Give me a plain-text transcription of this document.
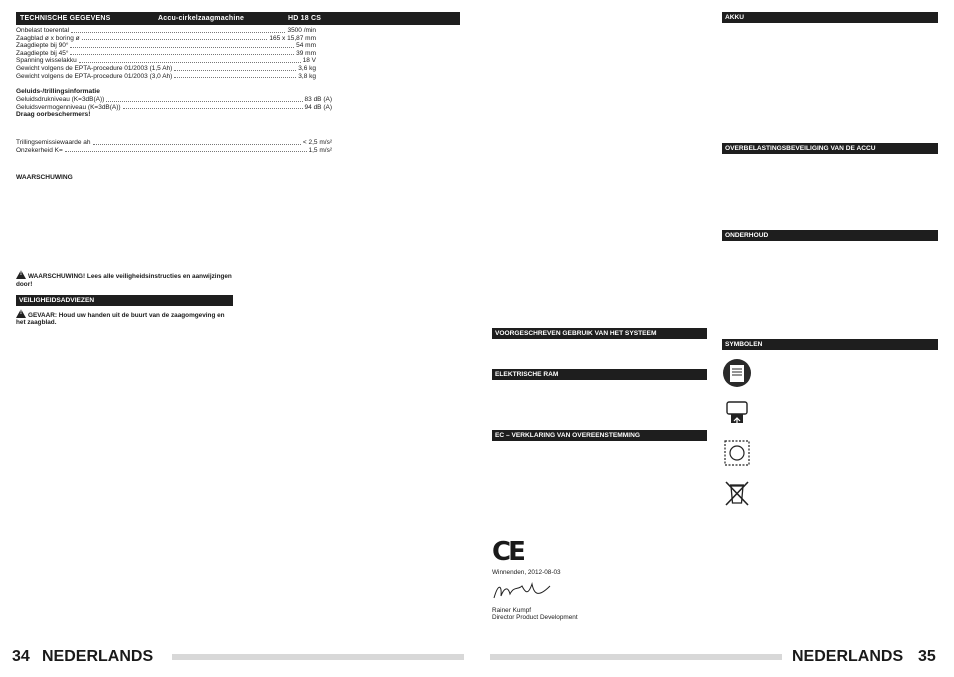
TECHNISCHE GEGEVENS	Accu-cirkelzaagmachine	HD 18 CS
Onbelast toerental	3500 /min
Zaagblad ø x boring ø	165 x 15,87 mm
Zaagdiepte bij 90°	54 mm
Zaagdiepte bij 45°	39 mm
Spanning wisselakku	18 V
Gewicht volgens de EPTA-procedure 01/2003 (1,5 Ah)	3,6 kg
Gewicht volgens de EPTA-procedure 01/2003 (3,0 Ah)	3,8 kg
Geluids-/trillingsinformatie
Geluidsdrukniveau (K=3dB(A))	83 dB (A)
Geluidsvermogenniveau (K=3dB(A))	94 dB (A)
Draag oorbeschermers!
Trillingsemissiewaarde ah	< 2,5 m/s²
Onzekerheid K=	1,5 m/s²
WAARSCHUWING

!WAARSCHUWING! Lees alle veiligheidsinstructies en aanwijzingen door!

VEILIGHEIDSADVIEZEN

!GEVAAR: Houd uw handen uit de buurt van de zaagomgeving en het zaagblad.

VOORGESCHREVEN GEBRUIK VAN HET SYSTEEM
ELEKTRISCHE RAM
EC – VERKLARING VAN OVEREENSTEMMING
CE

Winnenden, 2012-08-03

Rainer Kumpf

Director Product Development

AKKU
OVERBELASTINGSBEVEILIGING VAN DE ACCU
ONDERHOUD
SYMBOLEN
34 NEDERLANDS	NEDERLANDS 35
